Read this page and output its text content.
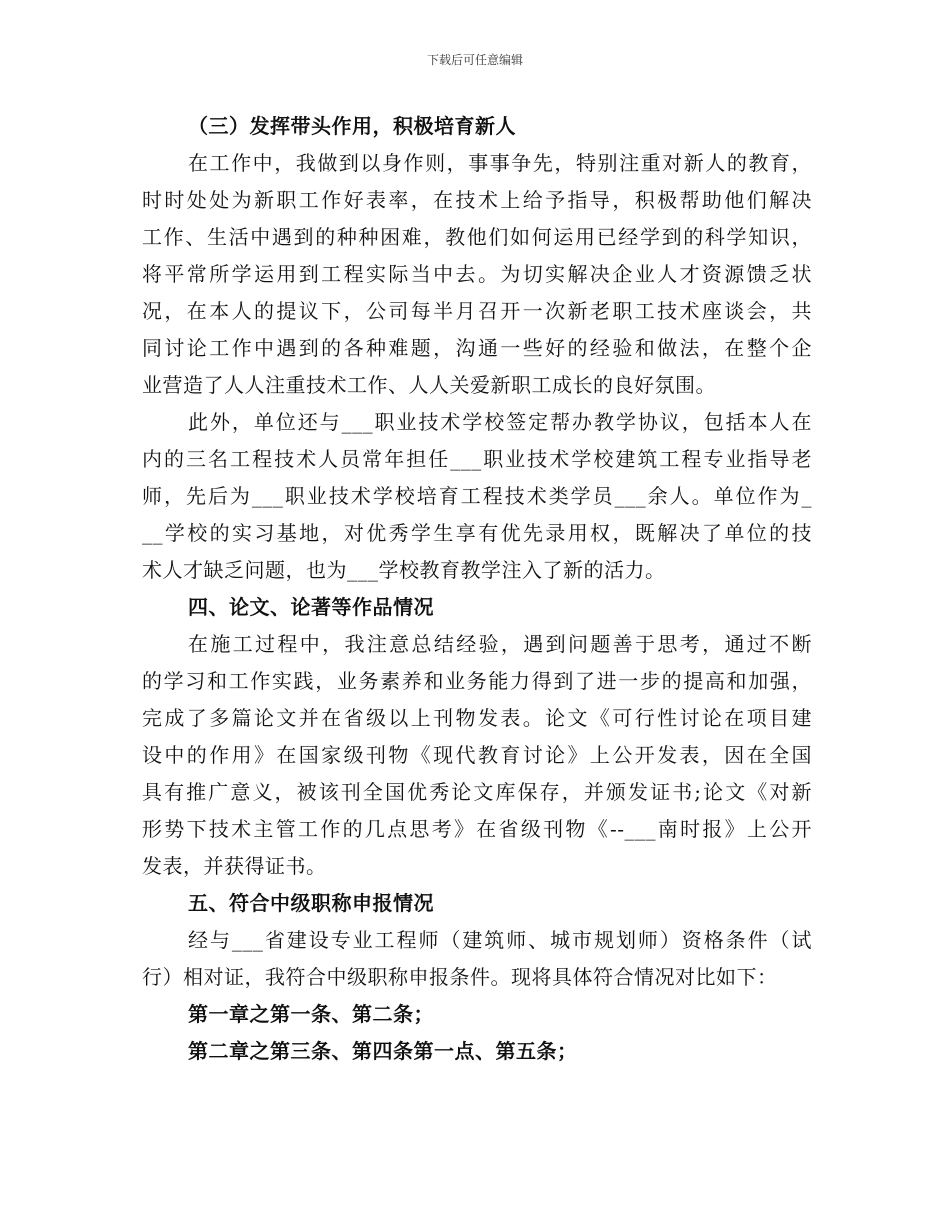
下载后可任意编辑
（三）发挥带头作用，积极培育新人
在工作中，我做到以身作则，事事争先，特别注重对新人的教育，
时时处处为新职工作好表率，在技术上给予指导，积极帮助他们解决
工作、生活中遇到的种种困难，教他们如何运用已经学到的科学知识，
将平常所学运用到工程实际当中去。为切实解决企业人才资源馈乏状
况，在本人的提议下，公司每半月召开一次新老职工技术座谈会，共
同讨论工作中遇到的各种难题，沟通一些好的经验和做法，在整个企
业营造了人人注重技术工作、人人关爱新职工成长的良好氛围。
此外，单位还与___职业技术学校签定帮办教学协议，包括本人在
内的三名工程技术人员常年担任___职业技术学校建筑工程专业指导老
师，先后为___职业技术学校培育工程技术类学员___余人。单位作为_
__学校的实习基地，对优秀学生享有优先录用权，既解决了单位的技
术人才缺乏问题，也为___学校教育教学注入了新的活力。
四、论文、论著等作品情况
在施工过程中，我注意总结经验，遇到问题善于思考，通过不断
的学习和工作实践，业务素养和业务能力得到了进一步的提高和加强，
完成了多篇论文并在省级以上刊物发表。论文《可行性讨论在项目建
设中的作用》在国家级刊物《现代教育讨论》上公开发表，因在全国
具有推广意义，被该刊全国优秀论文库保存，并颁发证书;论文《对新
形势下技术主管工作的几点思考》在省级刊物《--___南时报》上公开
发表，并获得证书。
五、符合中级职称申报情况
经与___省建设专业工程师（建筑师、城市规划师）资格条件（试
行）相对证，我符合中级职称申报条件。现将具体符合情况对比如下：
第一章之第一条、第二条；
第二章之第三条、第四条第一点、第五条；
